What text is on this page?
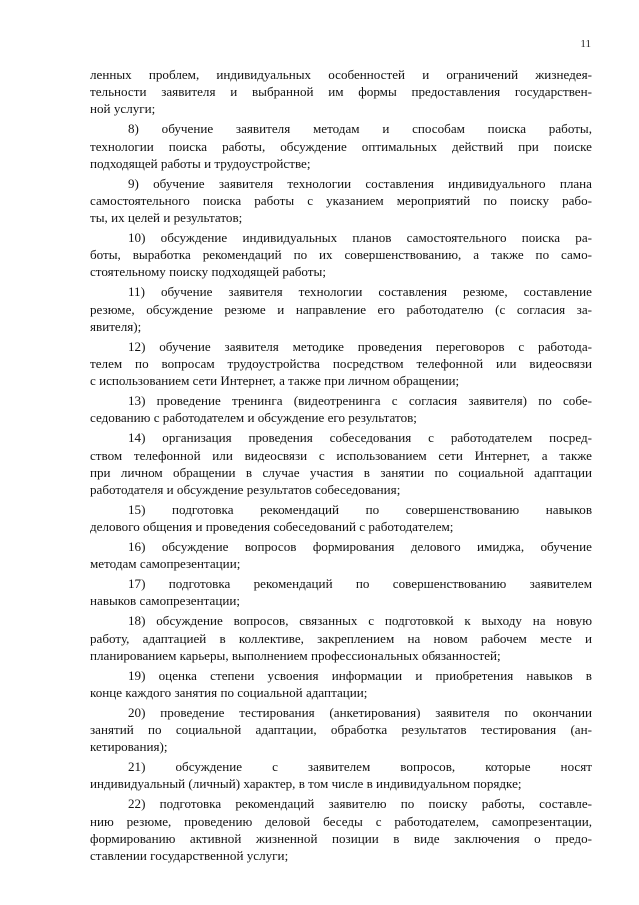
11
ленных проблем, индивидуальных особенностей и ограничений жизнедея-
тельности заявителя и выбранной им формы предоставления государствен-
ной услуги;
8) обучение заявителя методам и способам поиска работы,
технологии поиска работы, обсуждение оптимальных действий при поиске
подходящей работы и трудоустройстве;
9) обучение заявителя технологии составления индивидуального плана
самостоятельного поиска работы с указанием мероприятий по поиску рабо-
ты, их целей и результатов;
10) обсуждение индивидуальных планов самостоятельного поиска ра-
боты, выработка рекомендаций по их совершенствованию, а также по само-
стоятельному поиску подходящей работы;
11) обучение заявителя технологии составления резюме, составление
резюме, обсуждение резюме и направление его работодателю (с согласия за-
явителя);
12) обучение заявителя методике проведения переговоров с работода-
телем по вопросам трудоустройства посредством телефонной или видеосвязи
с использованием сети Интернет, а также при личном обращении;
13) проведение тренинга (видеотренинга с согласия заявителя) по собе-
седованию с работодателем и обсуждение его результатов;
14) организация проведения собеседования с работодателем посред-
ством телефонной или видеосвязи с использованием сети Интернет, а также
при личном обращении в случае участия в занятии по социальной адаптации
работодателя и обсуждение результатов собеседования;
15) подготовка рекомендаций по совершенствованию навыков
делового общения и проведения собеседований с работодателем;
16) обсуждение вопросов формирования делового имиджа, обучение
методам самопрезентации;
17) подготовка рекомендаций по совершенствованию заявителем
навыков самопрезентации;
18) обсуждение вопросов, связанных с подготовкой к выходу на новую
работу, адаптацией в коллективе, закреплением на новом рабочем месте и
планированием карьеры, выполнением профессиональных обязанностей;
19) оценка степени усвоения информации и приобретения навыков в
конце каждого занятия по социальной адаптации;
20) проведение тестирования (анкетирования) заявителя по окончании
занятий по социальной адаптации, обработка результатов тестирования (ан-
кетирования);
21) обсуждение с заявителем вопросов, которые носят
индивидуальный (личный) характер, в том числе в индивидуальном порядке;
22) подготовка рекомендаций заявителю по поиску работы, составле-
нию резюме, проведению деловой беседы с работодателем, самопрезентации,
формированию активной жизненной позиции в виде заключения о предо-
ставлении государственной услуги;
